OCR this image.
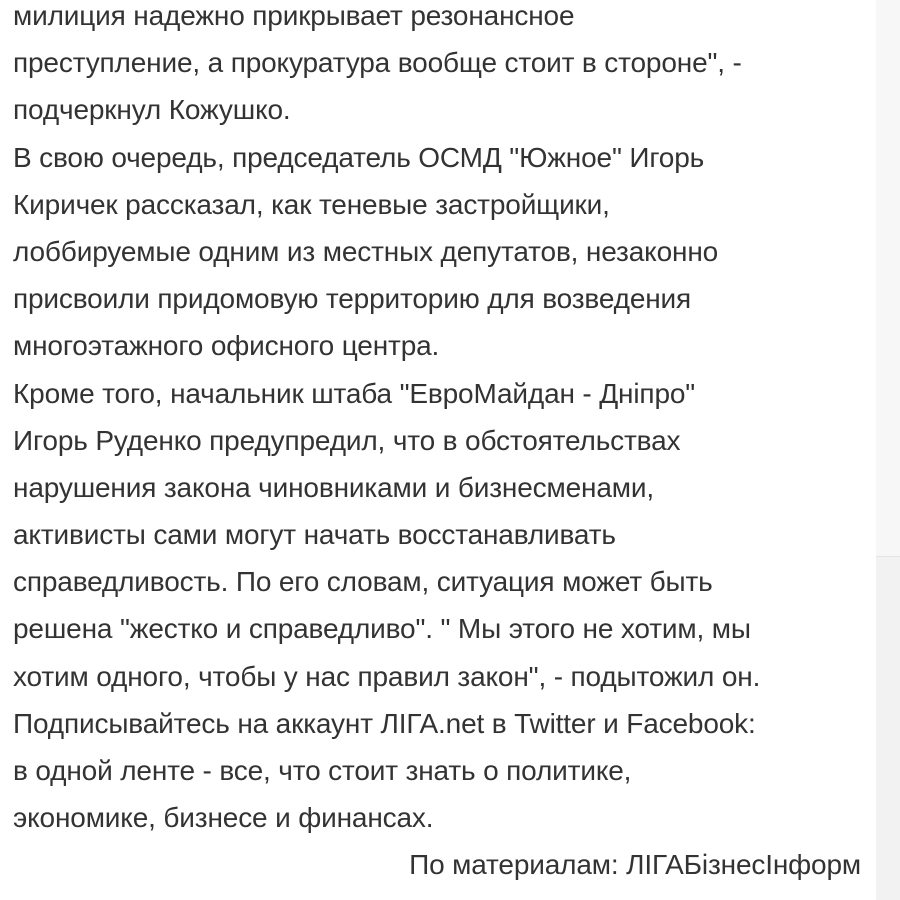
милиция надежно прикрывает резонансное
преступление, а прокуратура вообще стоит в стороне", -
подчеркнул Кожушко.
В свою очередь, председатель ОСМД "Южное" Игорь
Киричек рассказал, как теневые застройщики,
лоббируемые одним из местных депутатов, незаконно
присвоили придомовую территорию для возведения
многоэтажного офисного центра.
Кроме того, начальник штаба "ЕвроМайдан - Дніпро"
Игорь Руденко предупредил, что в обстоятельствах
нарушения закона чиновниками и бизнесменами,
активисты сами могут начать восстанавливать
справедливость. По его словам, ситуация может быть
решена "жестко и справедливо". " Мы этого не хотим, мы
хотим одного, чтобы у нас правил закон", - подытожил он.
Подписывайтесь на аккаунт ЛІГА.net в Twitter и Facebook:
в одной ленте - все, что стоит знать о политике,
экономике, бизнесе и финансах.
По материалам: ЛІГАБізнесІнформ
